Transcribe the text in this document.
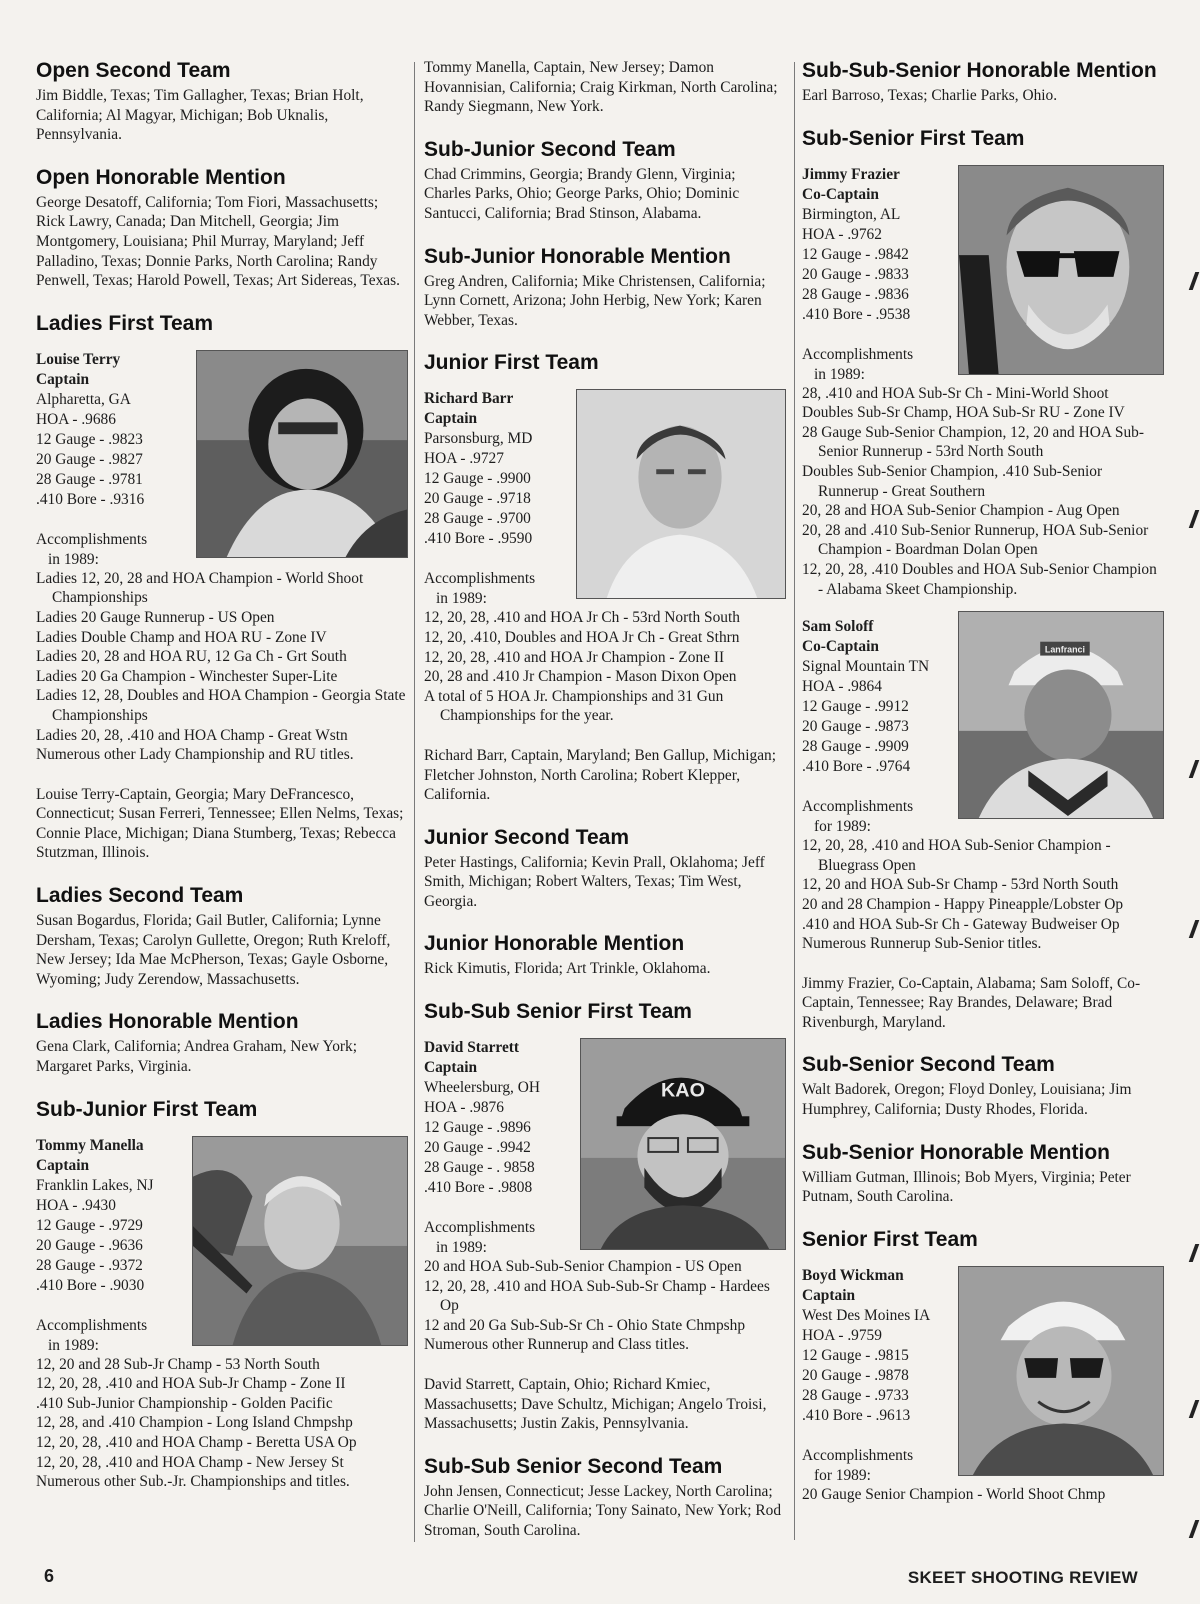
Open Second Team

Jim Biddle, Texas; Tim Gallagher, Texas; Brian Holt, California; Al Magyar, Michigan; Bob Uknalis, Pennsylvania.

Open Honorable Mention

George Desatoff, California; Tom Fiori, Massachusetts; Rick Lawry, Canada; Dan Mitchell, Georgia; Jim Montgomery, Louisiana; Phil Murray, Maryland; Jeff Palladino, Texas; Donnie Parks, North Carolina; Randy Penwell, Texas; Harold Powell, Texas; Art Sidereas, Texas.

Ladies First Team
Louise Terry
Captain
Alpharetta, GA
HOA - .9686
12 Gauge - .9823
20 Gauge - .9827
28 Gauge - .9781
.410 Bore - .9316
Accomplishments
in 1989:
Ladies 12, 20, 28 and HOA Champion - World Shoot Championships
Ladies 20 Gauge Runnerup - US Open
Ladies Double Champ and HOA RU - Zone IV
Ladies 20, 28 and HOA RU, 12 Ga Ch - Grt South
Ladies 20 Ga Champion - Winchester Super-Lite
Ladies 12, 28, Doubles and HOA Champion - Georgia State Championships
Ladies 20, 28, .410 and HOA Champ - Great Wstn
Numerous other Lady Championship and RU titles.

Louise Terry-Captain, Georgia; Mary DeFrancesco, Connecticut; Susan Ferreri, Tennessee; Ellen Nelms, Texas; Connie Place, Michigan; Diana Stumberg, Texas; Rebecca Stutzman, Illinois.

Ladies Second Team

Susan Bogardus, Florida; Gail Butler, California; Lynne Dersham, Texas; Carolyn Gullette, Oregon; Ruth Kreloff, New Jersey; Ida Mae McPherson, Texas; Gayle Osborne, Wyoming; Judy Zerendow, Massachusetts.

Ladies Honorable Mention

Gena Clark, California; Andrea Graham, New York; Margaret Parks, Virginia.

Sub-Junior First Team
Tommy Manella
Captain
Franklin Lakes, NJ
HOA - .9430
12 Gauge - .9729
20 Gauge - .9636
28 Gauge - .9372
.410 Bore - .9030
Accomplishments
in 1989:
12, 20 and 28 Sub-Jr Champ - 53 North South
12, 20, 28, .410 and HOA Sub-Jr Champ - Zone II
.410 Sub-Junior Championship - Golden Pacific
12, 28, and .410 Champion - Long Island Chmpshp
12, 20, 28, .410 and HOA Champ - Beretta USA Op
12, 20, 28, .410 and HOA Champ - New Jersey St
Numerous other Sub.-Jr. Championships and titles.

Tommy Manella, Captain, New Jersey; Damon Hovannisian, California; Craig Kirkman, North Carolina; Randy Siegmann, New York.

Sub-Junior Second Team

Chad Crimmins, Georgia; Brandy Glenn, Virginia; Charles Parks, Ohio; George Parks, Ohio; Dominic Santucci, California; Brad Stinson, Alabama.

Sub-Junior Honorable Mention

Greg Andren, California; Mike Christensen, California; Lynn Cornett, Arizona; John Herbig, New York; Karen Webber, Texas.

Junior First Team
Richard Barr
Captain
Parsonsburg, MD
HOA - .9727
12 Gauge - .9900
20 Gauge - .9718
28 Gauge - .9700
.410 Bore - .9590
Accomplishments
in 1989:
12, 20, 28, .410 and HOA Jr Ch - 53rd North South
12, 20, .410, Doubles and HOA Jr Ch - Great Sthrn
12, 20, 28, .410 and HOA Jr Champion - Zone II
20, 28 and .410 Jr Champion - Mason Dixon Open
A total of 5 HOA Jr. Championships and 31 Gun Championships for the year.

Richard Barr, Captain, Maryland; Ben Gallup, Michigan; Fletcher Johnston, North Carolina; Robert Klepper, California.

Junior Second Team

Peter Hastings, California; Kevin Prall, Oklahoma; Jeff Smith, Michigan; Robert Walters, Texas; Tim West, Georgia.

Junior Honorable Mention

Rick Kimutis, Florida; Art Trinkle, Oklahoma.

Sub-Sub Senior First Team
KAO
David Starrett
Captain
Wheelersburg, OH
HOA - .9876
12 Gauge - .9896
20 Gauge - .9942
28 Gauge - . 9858
.410 Bore - .9808
Accomplishments
in 1989:
20 and HOA Sub-Sub-Senior Champion - US Open
12, 20, 28, .410 and HOA Sub-Sub-Sr Champ - Hardees Op
12 and 20 Ga Sub-Sub-Sr Ch - Ohio State Chmpshp
Numerous other Runnerup and Class titles.

David Starrett, Captain, Ohio; Richard Kmiec, Massachusetts; Dave Schultz, Michigan; Angelo Troisi, Massachusetts; Justin Zakis, Pennsylvania.

Sub-Sub Senior Second Team

John Jensen, Connecticut; Jesse Lackey, North Carolina; Charlie O'Neill, California; Tony Sainato, New York; Rod Stroman, South Carolina.

Sub-Sub-Senior Honorable Mention

Earl Barroso, Texas; Charlie Parks, Ohio.

Sub-Senior First Team
Jimmy Frazier
Co-Captain
Birmington, AL
HOA - .9762
12 Gauge - .9842
20 Gauge - .9833
28 Gauge - .9836
.410 Bore - .9538
Accomplishments
in 1989:
28, .410 and HOA Sub-Sr Ch - Mini-World Shoot
Doubles Sub-Sr Champ, HOA Sub-Sr RU - Zone IV
28 Gauge Sub-Senior Champion, 12, 20 and HOA Sub-Senior Runnerup - 53rd North South
Doubles Sub-Senior Champion, .410 Sub-Senior Runnerup - Great Southern
20, 28 and HOA Sub-Senior Champion - Aug Open
20, 28 and .410 Sub-Senior Runnerup, HOA Sub-Senior Champion - Boardman Dolan Open
12, 20, 28, .410 Doubles and HOA Sub-Senior Champion - Alabama Skeet Championship.
Lanfranci
Sam Soloff
Co-Captain
Signal Mountain TN
HOA - .9864
12 Gauge - .9912
20 Gauge - .9873
28 Gauge - .9909
.410 Bore - .9764
Accomplishments
for 1989:
12, 20, 28, .410 and HOA Sub-Senior Champion - Bluegrass Open
12, 20 and HOA Sub-Sr Champ - 53rd North South
20 and 28 Champion - Happy Pineapple/Lobster Op
.410 and HOA Sub-Sr Ch - Gateway Budweiser Op
Numerous Runnerup Sub-Senior titles.

Jimmy Frazier, Co-Captain, Alabama; Sam Soloff, Co-Captain, Tennessee; Ray Brandes, Delaware; Brad Rivenburgh, Maryland.

Sub-Senior Second Team

Walt Badorek, Oregon; Floyd Donley, Louisiana; Jim Humphrey, California; Dusty Rhodes, Florida.

Sub-Senior Honorable Mention

William Gutman, Illinois; Bob Myers, Virginia; Peter Putnam, South Carolina.

Senior First Team
Boyd Wickman
Captain
West Des Moines IA
HOA - .9759
12 Gauge - .9815
20 Gauge - .9878
28 Gauge - .9733
.410 Bore - .9613
Accomplishments
for 1989:
20 Gauge Senior Champion - World Shoot Chmp
6	SKEET SHOOTING REVIEW
